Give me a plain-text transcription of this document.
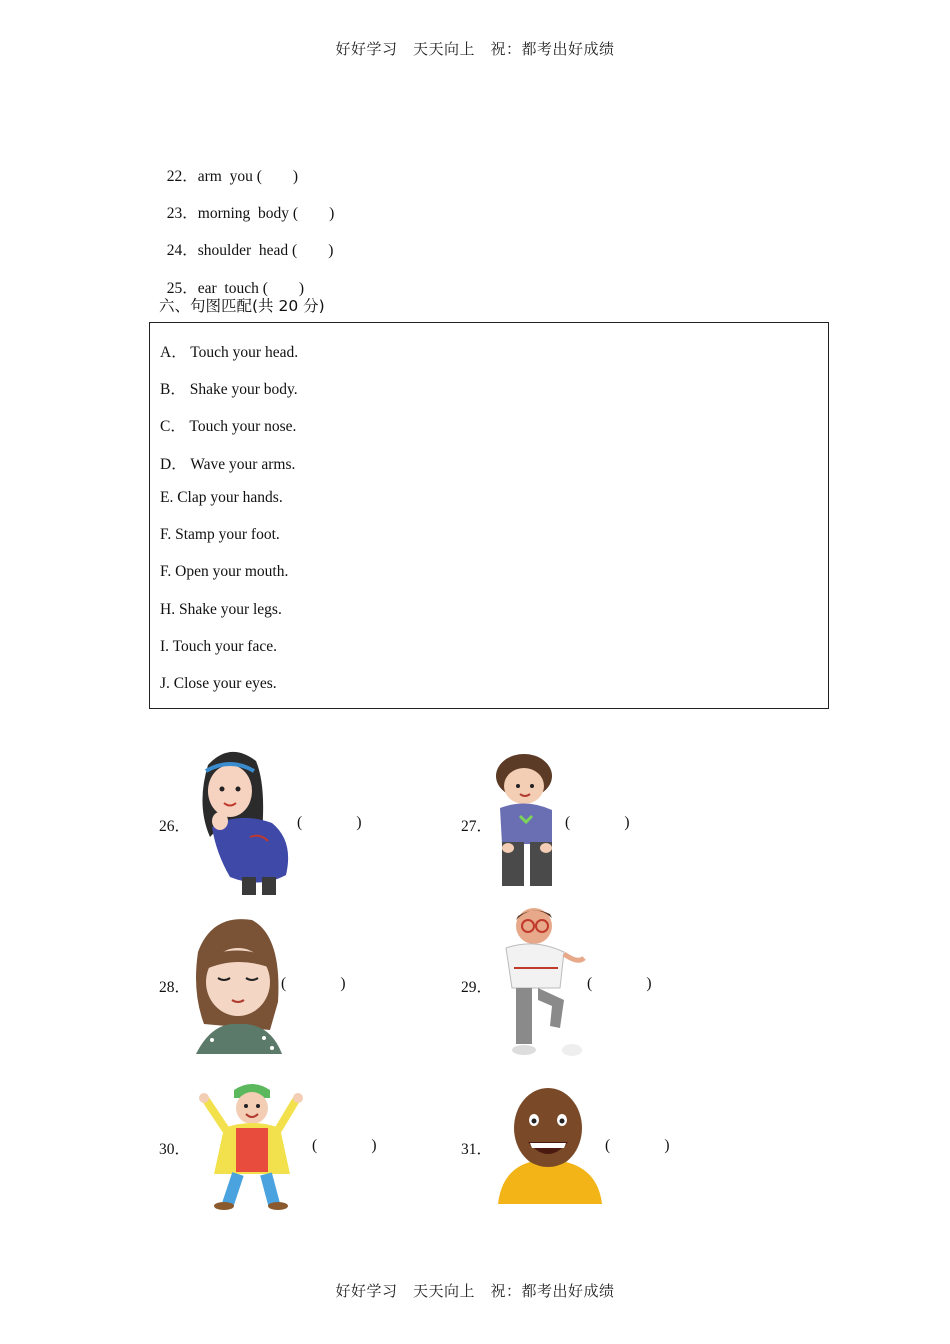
好好学习　天天向上　祝：都考出好成绩

22．arm  you (        )

23．morning  body (        )

24．shoulder  head (        )

25．ear  touch (        )

六、句图匹配(共 20 分)
A． Touch your head.
B． Shake your body.
C． Touch your nose.
D． Wave your arms.
E. Clap your hands.
F. Stamp your foot.
F. Open your mouth.
H. Shake your legs.
I. Touch your face.
J. Close your eyes.
26．	(              )	27．	(              )
28．	(              )	29．	(              )
30．	(              )	31．	(              )
好好学习　天天向上　祝：都考出好成绩
